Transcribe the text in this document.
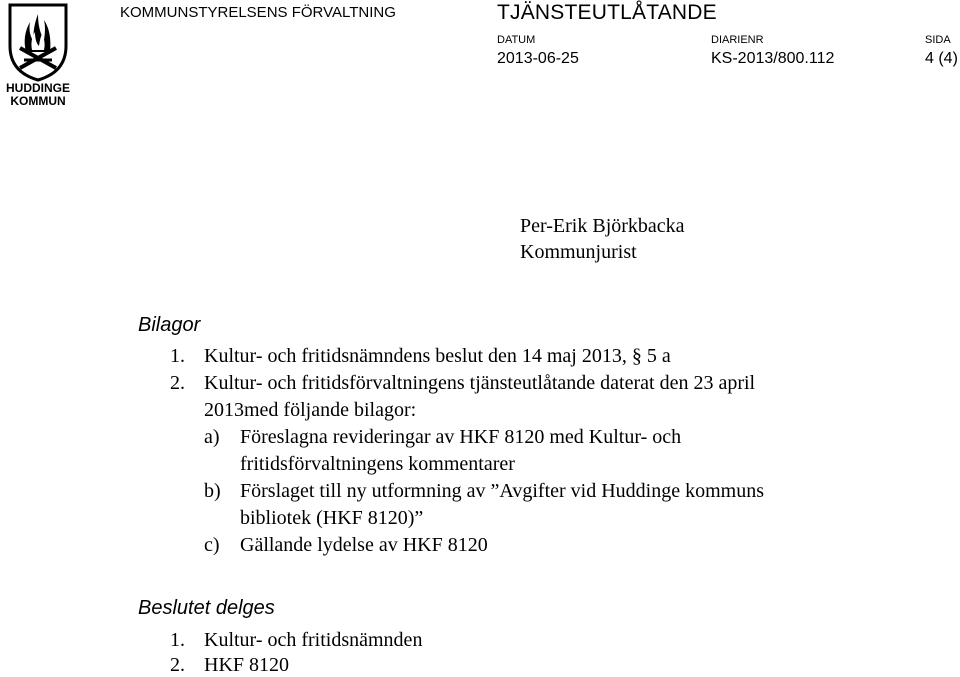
HUDDINGE
KOMMUN
KOMMUNSTYRELSENS FÖRVALTNING	TJÄNSTEUTLÅTANDE
DATUM	DIARIENR	SIDA
2013-06-25	KS-2013/800.112	4 (4)
Per-Erik Björkbacka
Kommunjurist
Bilagor
1. Kultur- och fritidsnämndens beslut den 14 maj 2013, § 5 a
2. Kultur- och fritidsförvaltningens tjänsteutlåtande daterat den 23 april
2013med följande bilagor:
a) Föreslagna revideringar av HKF 8120 med Kultur- och
fritidsförvaltningens kommentarer
b) Förslaget till ny utformning av ”Avgifter vid Huddinge kommuns
bibliotek (HKF 8120)”
c) Gällande lydelse av HKF 8120
Beslutet delges
1. Kultur- och fritidsnämnden
2. HKF 8120
